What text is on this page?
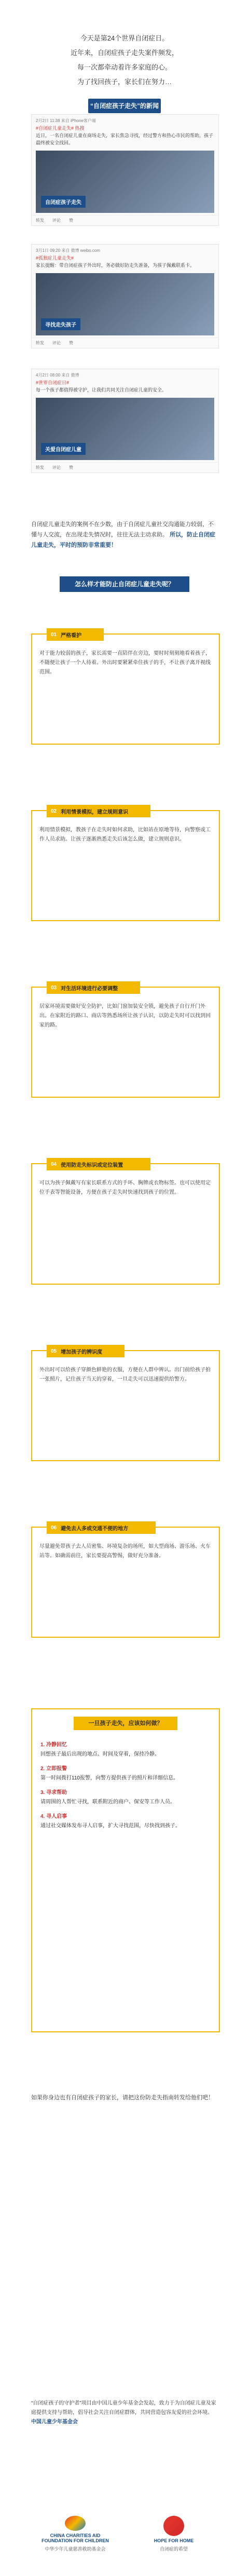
今天是第24个世界自闭症日。
近年来，自闭症孩子走失案件频发，
每一次都牵动着许多家庭的心。
为了找回孩子，家长们在努力…
“自闭症孩子走失”的新闻
2月2日 11:38 来自 iPhone客户端
#自闭症儿童走失# 热搜
近日，一名自闭症儿童在商场走失，家长焦急寻找，经过警方和热心市民的帮助，孩子最终被安全找回。
自闭症孩子走失
转发 评论 赞
3月1日 09:20 来自 微博 weibo.com
#孤独症儿童走失#
家长提醒：带自闭症孩子外出时，务必做好防走失准备，为孩子佩戴联系卡。
寻找走失孩子
转发 评论 赞
4月2日 08:00 来自 微博
#世界自闭症日#
每一个孩子都值得被守护，让我们共同关注自闭症儿童的安全。
关爱自闭症儿童
转发 评论 赞
自闭症儿童走失的案例不在少数，由于自闭症儿童社交沟通能力较弱，不懂与人交流，在出现走失情况时，往往无法主动求助。 所以，防止自闭症儿童走失，平时的预防非常重要！
怎么样才能防止自闭症儿童走失呢？
01 严格看护
对于能力较弱的孩子，家长需要一直陪伴在旁边，要时时刻刻地看着孩子，不随便让孩子一个人待着。外出时要紧紧牵住孩子的手，不让孩子离开视线范围。
02 利用情景模拟，建立规则意识
利用情景模拟，教孩子在走失时如何求助，比如站在原地等待，向警察或工作人员求助。让孩子逐渐熟悉走失后该怎么做，建立规则意识。
03 对生活环境进行必要调整
居家环境需要做好安全防护，比如门窗加装安全锁，避免孩子自行开门外出。在家附近的路口、商店等熟悉场所让孩子认识，以防走失时可以找到回家的路。
04 使用防走失标识或定位装置
可以为孩子佩戴写有家长联系方式的手环、胸牌或衣物标签。也可以使用定位手表等智能设备，方便在孩子走失时快速找到孩子的位置。
05 增加孩子的辨识度
外出时可以给孩子穿颜色鲜艳的衣服，方便在人群中辨认。出门前给孩子拍一张照片，记住孩子当天的穿着，一旦走失可以迅速提供给警方。
06 避免去人多或交通不便的地方
尽量避免带孩子去人员密集、环境复杂的场所，如大型商场、游乐场、火车站等。如确需前往，家长要提高警惕，做好充分准备。
一旦孩子走失，应该如何做？
1. 冷静回忆
回想孩子最后出现的地点、时间及穿着，保持冷静。
2. 立即报警
第一时间拨打110报警，向警方提供孩子的照片和详细信息。
3. 寻求帮助
请周围的人帮忙寻找，联系附近的商户、保安等工作人员。
4. 寻人启事
通过社交媒体发布寻人启事，扩大寻找范围，尽快找到孩子。
如果你身边也有自闭症孩子的家长，请把这份防走失指南转发给他们吧！
“自闭症孩子的守护者”项目由中国儿童少年基金会发起，致力于为自闭症儿童及家庭提供支持与帮助，倡导社会关注自闭症群体，共同营造包容友爱的社会环境。 中国儿童少年基金会
CHINA CHARITIES AID FOUNDATION FOR CHILDREN
中华少年儿童慈善救助基金会
HOPE FOR HOME
自闭症的希望
